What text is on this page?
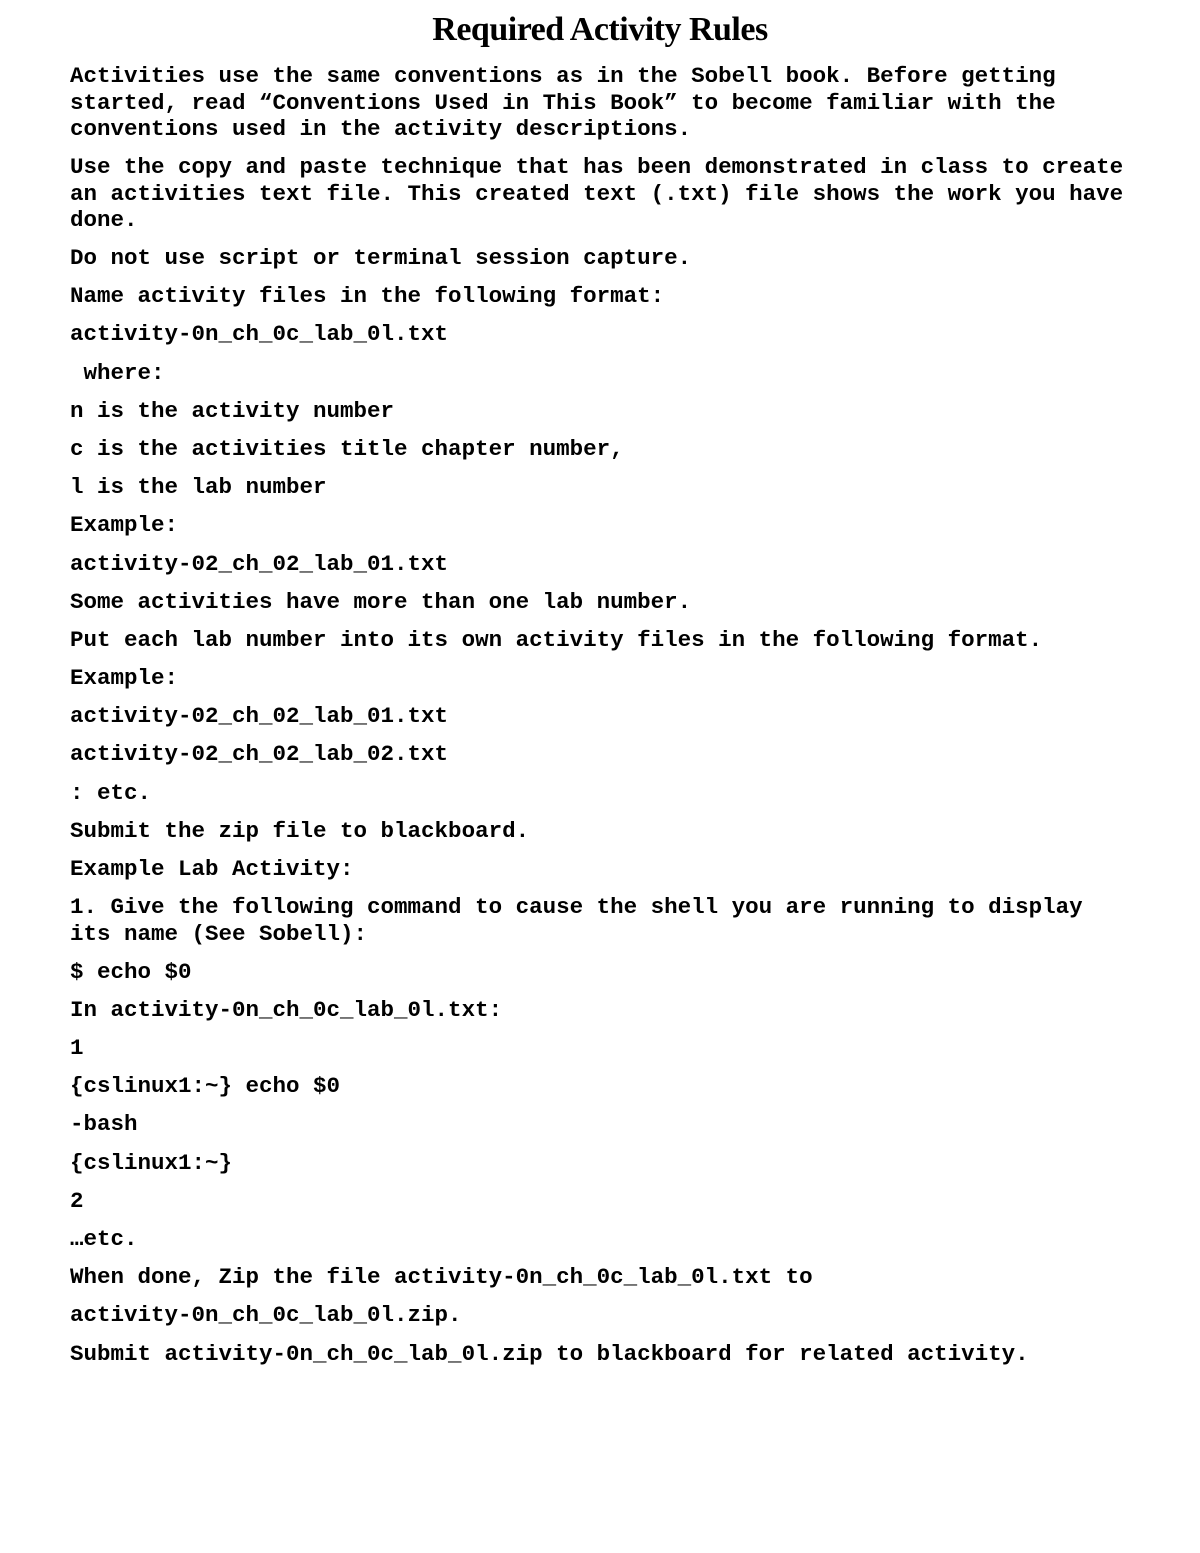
Required Activity Rules

Activities use the same conventions as in the Sobell book. Before getting started, read “Conventions Used in This Book” to become familiar with the conventions used in the activity descriptions.

Use the copy and paste technique that has been demonstrated in class to create an activities text file. This created text (.txt) file shows the work you have done.

Do not use script or terminal session capture.
Name activity files in the following format:
activity-0n_ch_0c_lab_0l.txt
where:
n is the activity number
c is the activities title chapter number,
l is the lab number
Example:
activity-02_ch_02_lab_01.txt
Some activities have more than one lab number.
Put each lab number into its own activity files in the following format.
Example:
activity-02_ch_02_lab_01.txt
activity-02_ch_02_lab_02.txt
: etc.
Submit the zip file to blackboard.
Example Lab Activity:

1. Give the following command to cause the shell you are running to display its name (See Sobell):

$ echo $0
In activity-0n_ch_0c_lab_0l.txt:
1
{cslinux1:~} echo $0
-bash
{cslinux1:~}
2
…etc.
When done, Zip the file activity-0n_ch_0c_lab_0l.txt to
activity-0n_ch_0c_lab_0l.zip.
Submit activity-0n_ch_0c_lab_0l.zip to blackboard for related activity.
